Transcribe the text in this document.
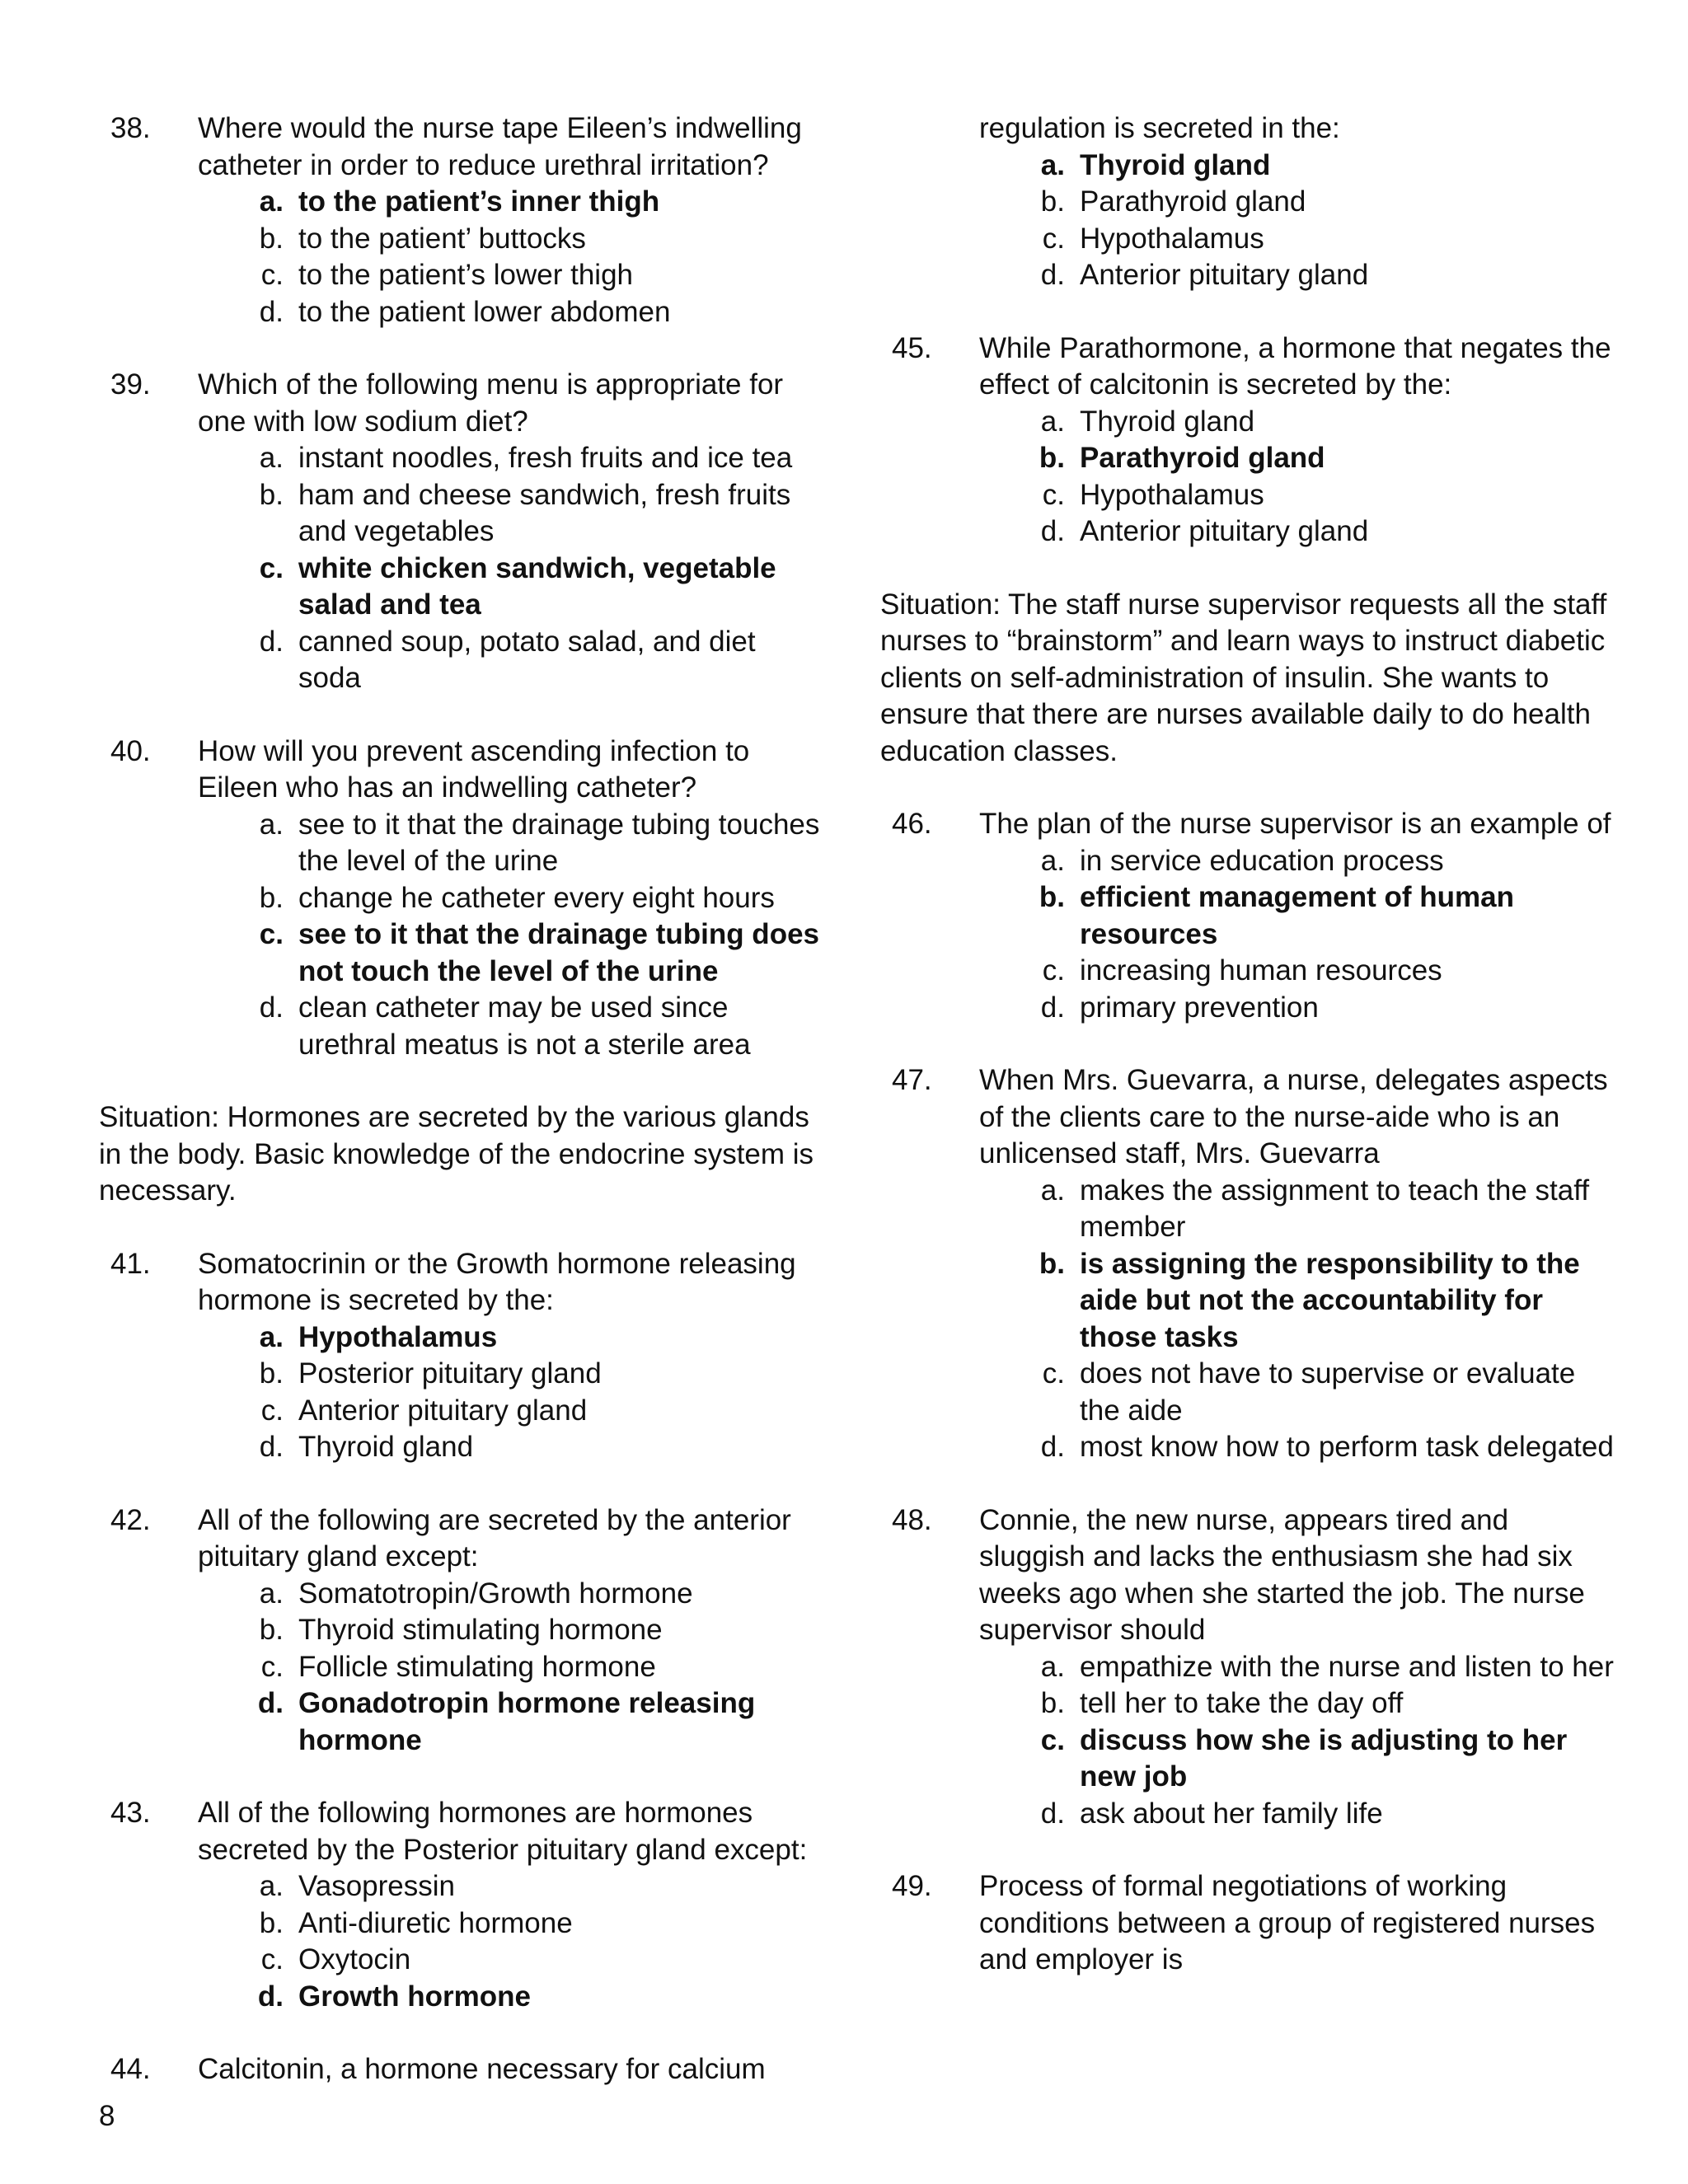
38.	Where would the nurse tape Eileen’s indwelling catheter in order to reduce urethral irritation?
a. to the patient’s inner thigh
b. to the patient’ buttocks
c. to the patient’s lower thigh
d. to the patient lower abdomen
39.	Which of the following menu is appropriate for one with low sodium diet?
a. instant noodles, fresh fruits and ice tea
b. ham and cheese sandwich, fresh fruits and vegetables
c. white chicken sandwich, vegetable salad and tea
d. canned soup, potato salad, and diet soda
40.	How will you prevent ascending infection to Eileen who has an indwelling catheter?
a. see to it that the drainage tubing touches the level of the urine
b. change he catheter every eight hours
c. see to it that the drainage tubing does not touch the level of the urine
d. clean catheter may be used since urethral meatus is not a sterile area
Situation: Hormones are secreted by the various glands in the body. Basic knowledge of the endocrine system is necessary.
41.	Somatocrinin or the Growth hormone releasing hormone is secreted by the:
a. Hypothalamus
b. Posterior pituitary gland
c. Anterior pituitary gland
d. Thyroid gland
42.	All of the following are secreted by the anterior pituitary gland except:
a. Somatotropin/Growth hormone
b. Thyroid stimulating hormone
c. Follicle stimulating hormone
d. Gonadotropin hormone releasing hormone
43.	All of the following hormones are hormones secreted by the Posterior pituitary gland except:
a. Vasopressin
b. Anti-diuretic hormone
c. Oxytocin
d. Growth hormone
44.	Calcitonin, a hormone necessary for calcium
regulation is secreted in the:
a. Thyroid gland
b. Parathyroid gland
c. Hypothalamus
d. Anterior pituitary gland
45.	While Parathormone, a hormone that negates the effect of calcitonin is secreted by the:
a. Thyroid gland
b. Parathyroid gland
c. Hypothalamus
d. Anterior pituitary gland
Situation: The staff nurse supervisor requests all the staff nurses to “brainstorm” and learn ways to instruct diabetic clients on self-administration of insulin. She wants to ensure that there are nurses available daily to do health education classes.
46.	The plan of the nurse supervisor is an example of
a. in service education process
b. efficient management of human resources
c. increasing human resources
d. primary prevention
47.	When Mrs. Guevarra, a nurse, delegates aspects of the clients care to the nurse-aide who is an unlicensed staff, Mrs. Guevarra
a. makes the assignment to teach the staff member
b. is assigning the responsibility to the aide but not the accountability for those tasks
c. does not have to supervise or evaluate the aide
d. most know how to perform task delegated
48.	Connie, the new nurse, appears tired and sluggish and lacks the enthusiasm she had six weeks ago when she started the job. The nurse supervisor should
a. empathize with the nurse and listen to her
b. tell her to take the day off
c. discuss how she is adjusting to her new job
d. ask about her family life
49.	Process of formal negotiations of working conditions between a group of registered nurses and employer is
8
